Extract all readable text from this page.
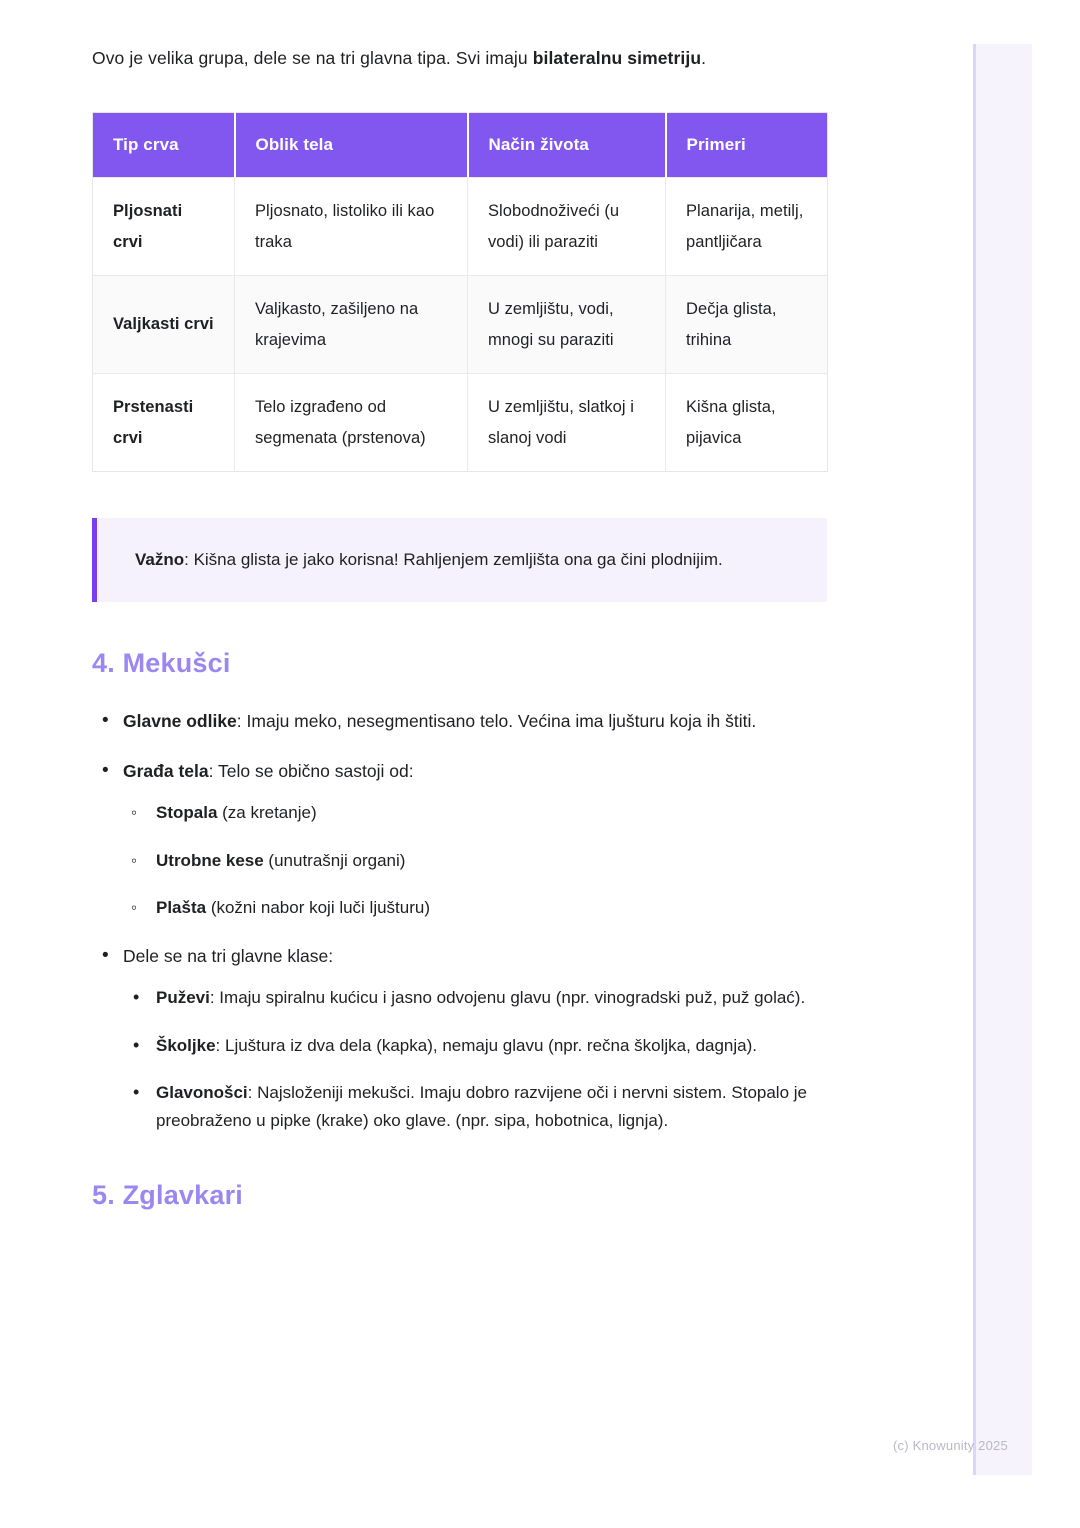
Ovo je velika grupa, dele se na tri glavna tipa. Svi imaju bilateralnu simetriju.

Tip crva	Oblik tela	Način života	Primeri
Pljosnati crvi	Pljosnato, listoliko ili kao traka	Slobodnoživeći (u vodi) ili paraziti	Planarija, metilj, pantljičara
Valjkasti crvi	Valjkasto, zašiljeno na krajevima	U zemljištu, vodi, mnogi su paraziti	Dečja glista, trihina
Prstenasti crvi	Telo izgrađeno od segmenata (prstenova)	U zemljištu, slatkoj i slanoj vodi	Kišna glista, pijavica

Važno: Kišna glista je jako korisna! Rahljenjem zemljišta ona ga čini plodnijim.

4. Mekušci
• Glavne odlike: Imaju meko, nesegmentisano telo. Većina ima ljušturu koja ih štiti.
• Građa tela: Telo se obično sastoji od:
◦ Stopala (za kretanje)
◦ Utrobne kese (unutrašnji organi)
◦ Plašta (kožni nabor koji luči ljušturu)
• Dele se na tri glavne klase:
• Puževi: Imaju spiralnu kućicu i jasno odvojenu glavu (npr. vinogradski puž, puž golać).
• Školjke: Ljuštura iz dva dela (kapka), nemaju glavu (npr. rečna školjka, dagnja).
• Glavonošci: Najsloženiji mekušci. Imaju dobro razvijene oči i nervni sistem. Stopalo je preobraženo u pipke (krake) oko glave. (npr. sipa, hobotnica, lignja).
5. Zglavkari
(c) Knowunity 2025
